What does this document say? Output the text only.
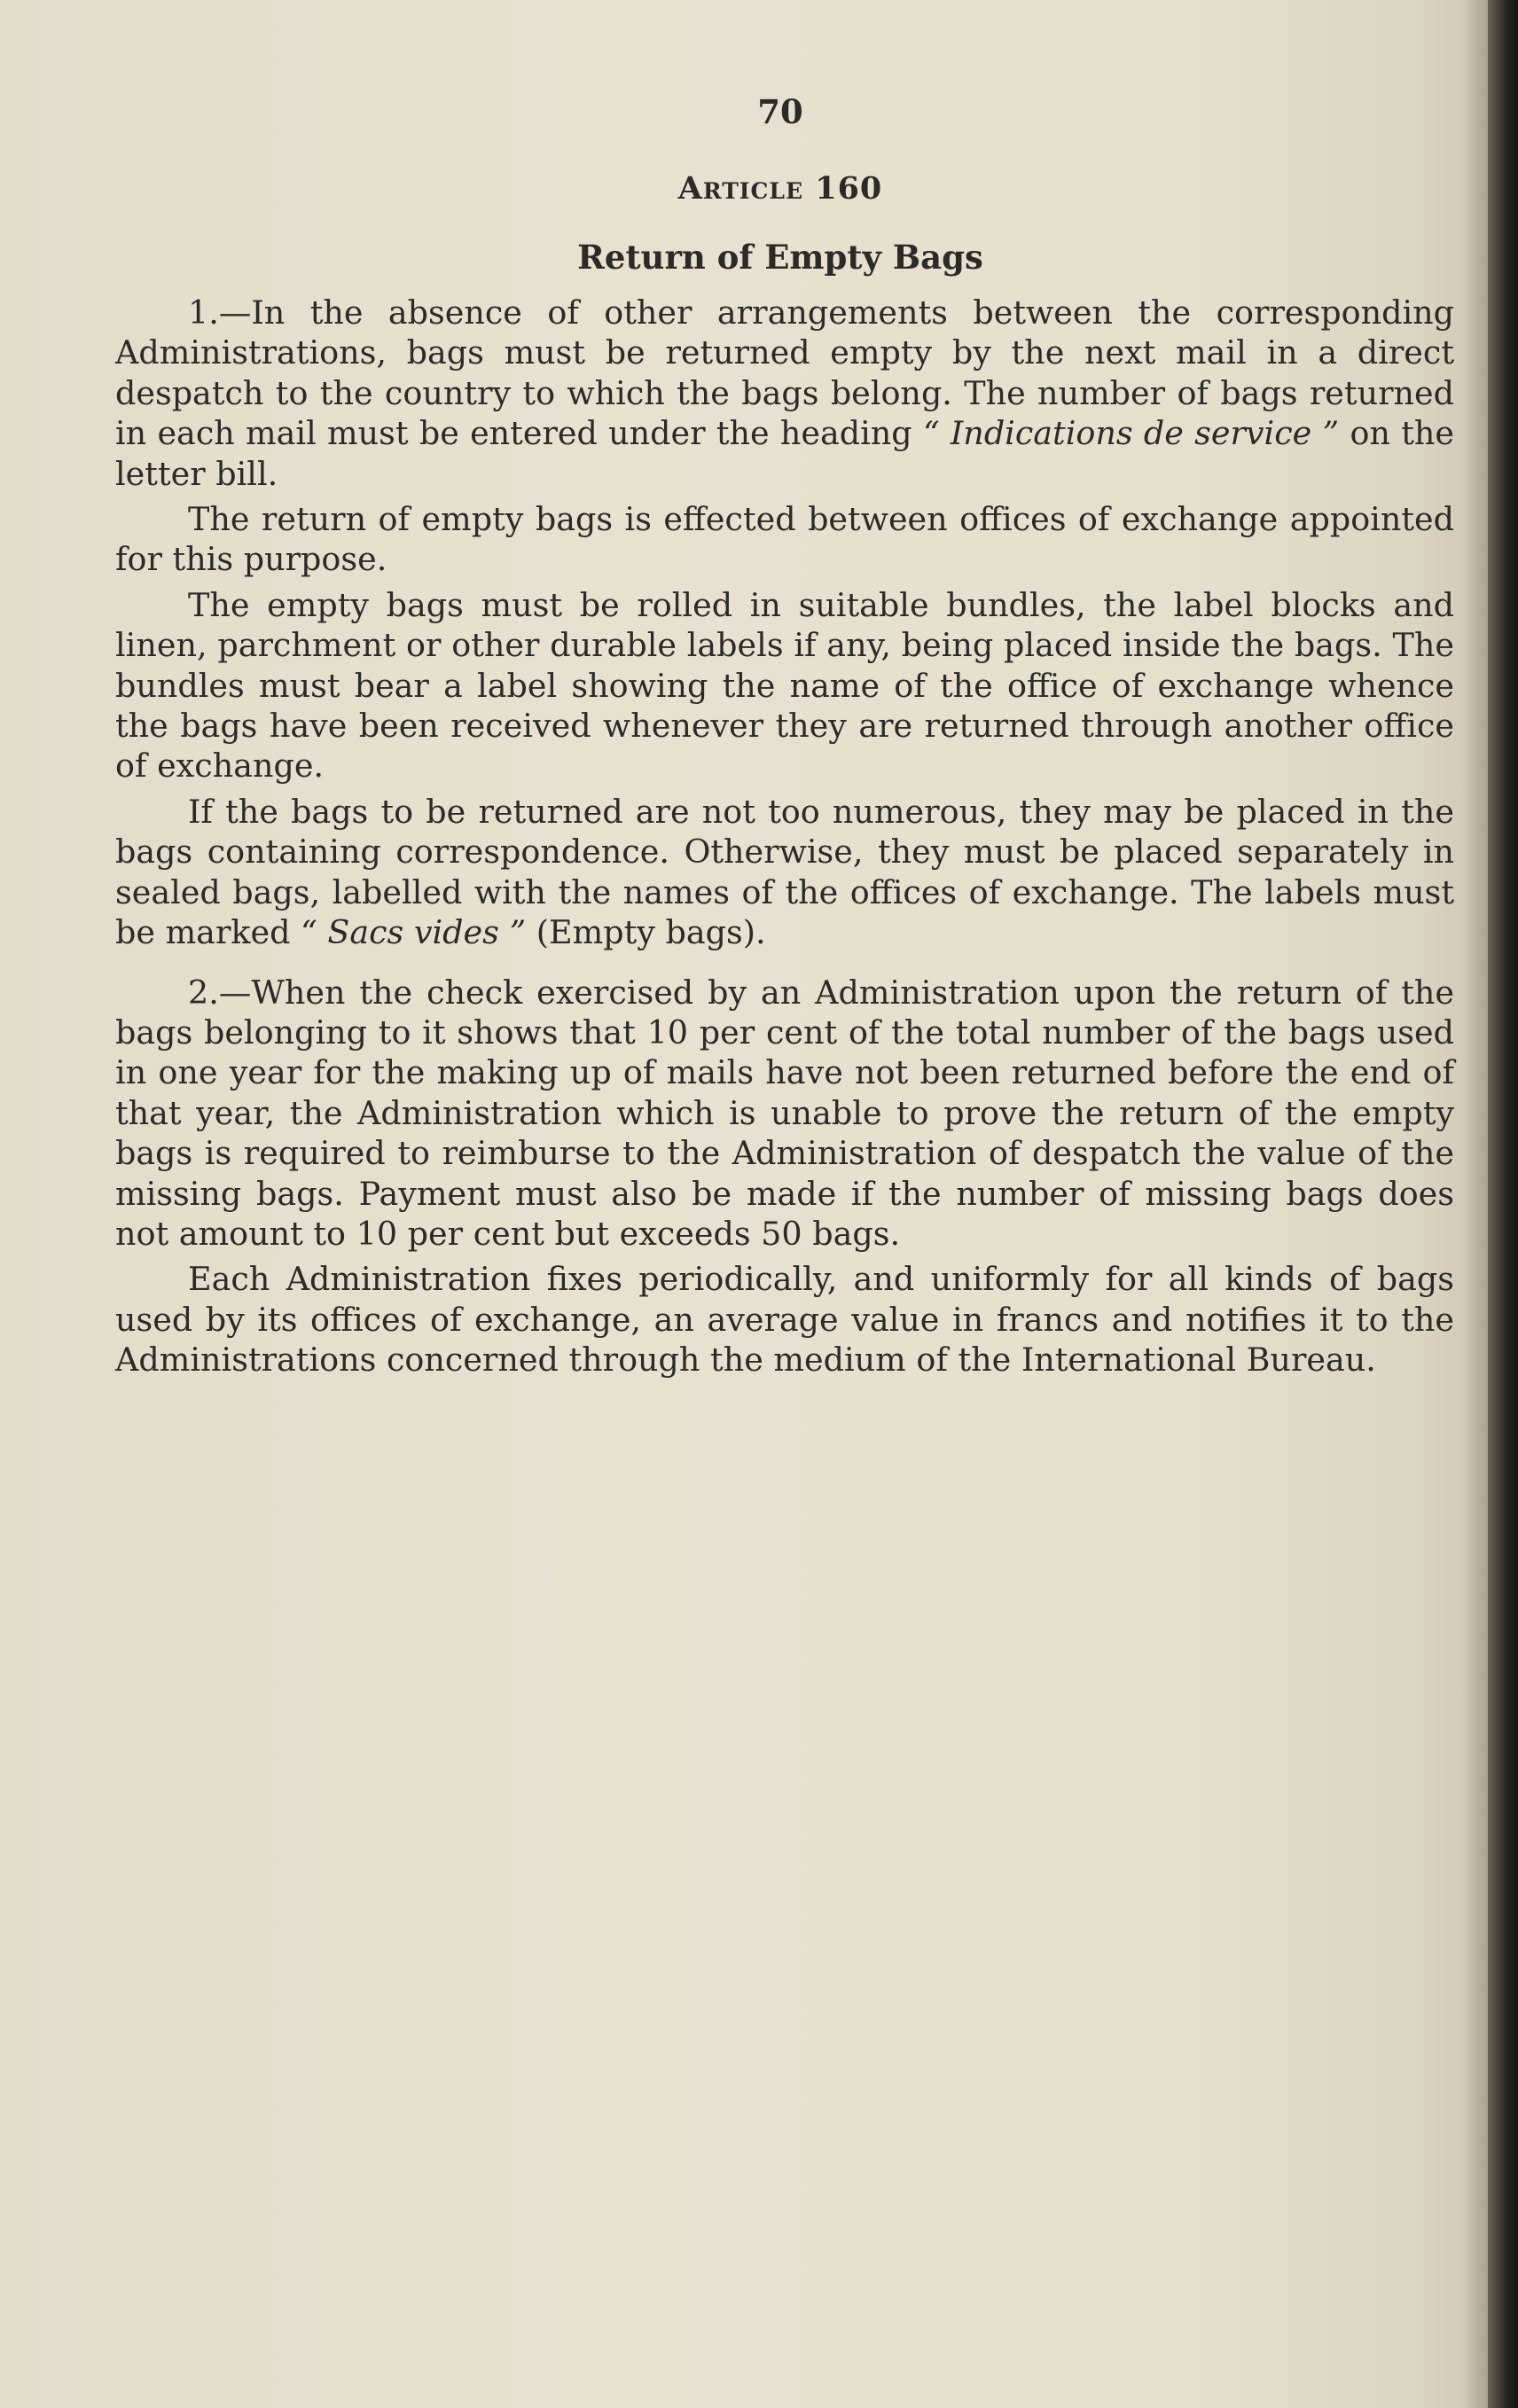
70
Article 160
Return of Empty Bags

1.—In the absence of other arrangements between the corresponding Administrations, bags must be returned empty by the next mail in a direct despatch to the country to which the bags belong. The number of bags returned in each mail must be entered under the heading “ Indications de service ” on the letter bill.

The return of empty bags is effected between offices of exchange appointed for this purpose.

The empty bags must be rolled in suitable bundles, the label blocks and linen, parchment or other durable labels if any, being placed inside the bags. The bundles must bear a label showing the name of the office of exchange whence the bags have been received whenever they are returned through another office of exchange.

If the bags to be returned are not too numerous, they may be placed in the bags containing correspondence. Otherwise, they must be placed separately in sealed bags, labelled with the names of the offices of exchange. The labels must be marked “ Sacs vides ” (Empty bags).

2.—When the check exercised by an Administration upon the return of the bags belonging to it shows that 10 per cent of the total number of the bags used in one year for the making up of mails have not been returned before the end of that year, the Administration which is unable to prove the return of the empty bags is required to reimburse to the Administration of despatch the value of the missing bags. Payment must also be made if the number of missing bags does not amount to 10 per cent but exceeds 50 bags.

Each Administration fixes periodically, and uniformly for all kinds of bags used by its offices of exchange, an average value in francs and notifies it to the Administrations concerned through the medium of the International Bureau.
